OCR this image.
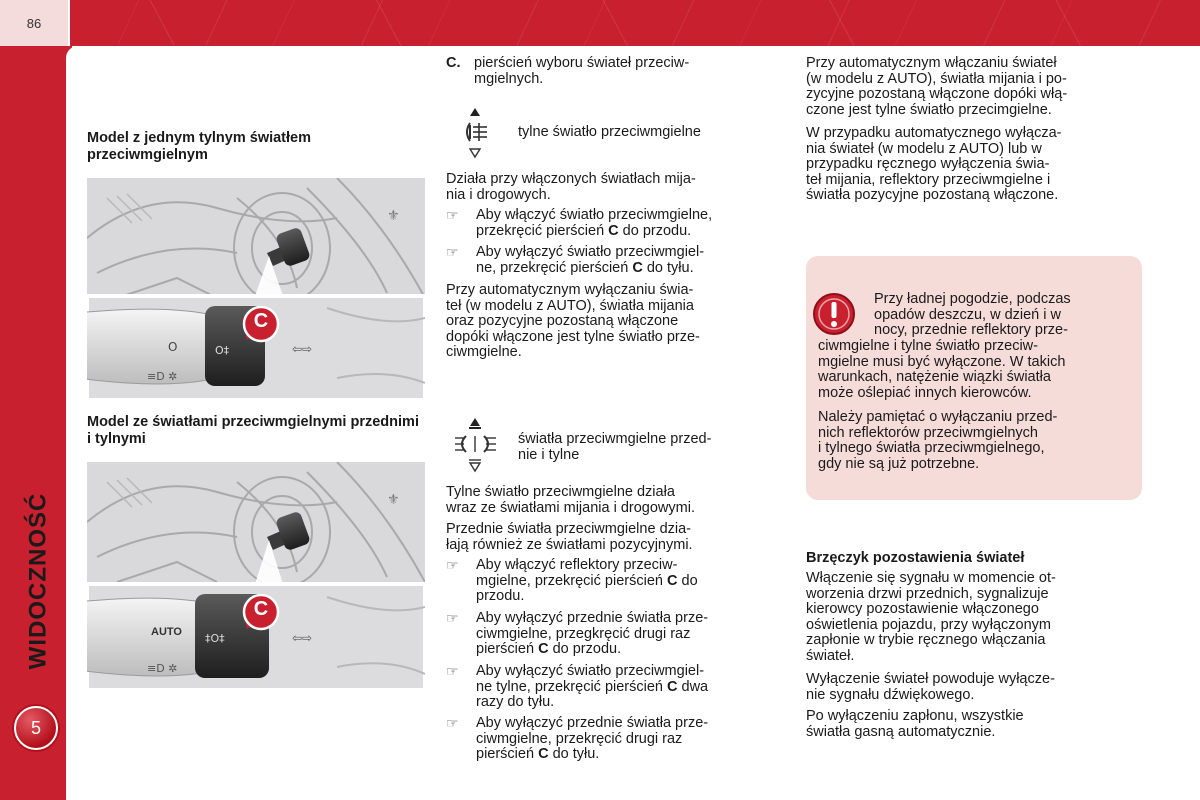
86
WIDOCZNOŚĆ
5
Model z jednym tylnym światłem przeciwmgielnym
⚜
O
≡D ✲
O‡	⇦⇨
C
Model ze światłami przeciwmgielnymi przednimi i tylnymi
⚜
≡D ✲
‡O‡	⇦⇨
AUTO
C
C. pierścień wyboru świateł przeciw-
mgielnych.
tylne światło przeciwmgielne
Działa przy włączonych światłach mija-
nia i drogowych.
☞ Aby włączyć światło przeciwmgielne,
przekręcić pierścień C do przodu.
☞ Aby wyłączyć światło przeciwmgiel-
ne, przekręcić pierścień C do tyłu.
Przy automatycznym wyłączaniu świa-
teł (w modelu z AUTO), światła mijania
oraz pozycyjne pozostaną włączone
dopóki włączone jest tylne światło prze-
ciwmgielne.
światła przeciwmgielne przed-
nie i tylne
Tylne światło przeciwmgielne działa
wraz ze światłami mijania i drogowymi.
Przednie światła przeciwmgielne dzia-
łają również ze światłami pozycyjnymi.
☞ Aby włączyć reflektory przeciw-
mgielne, przekręcić pierścień C do
przodu.
☞ Aby wyłączyć przednie światła prze-
ciwmgielne, przegkręcić drugi raz
pierścień C do przodu.
☞ Aby wyłączyć światło przeciwmgiel-
ne tylne, przekręcić pierścień C dwa
razy do tyłu.
☞ Aby wyłączyć przednie światła prze-
ciwmgielne, przekręcić drugi raz
pierścień C do tyłu.
Przy automatycznym włączaniu świateł
(w modelu z AUTO), światła mijania i po-
zycyjne pozostaną włączone dopóki włą-
czone jest tylne światło przecimgielne.
W przypadku automatycznego wyłącza-
nia świateł (w modelu z AUTO) lub w
przypadku ręcznego wyłączenia świa-
teł mijania, reflektory przeciwmgielne i
światła pozycyjne pozostaną włączone.
Przy ładnej pogodzie, podczas
opadów deszczu, w dzień i w
nocy, przednie reflektory prze-
ciwmgielne i tylne światło przeciw-
mgielne musi być wyłączone. W takich
warunkach, natężenie wiązki światła
może oślepiać innych kierowców.
Należy pamiętać o wyłączaniu przed-
nich reflektorów przeciwmgielnych
i tylnego światła przeciwmgielnego,
gdy nie są już potrzebne.
Brzęczyk pozostawienia świateł
Włączenie się sygnału w momencie ot-
worzenia drzwi przednich, sygnalizuje
kierowcy pozostawienie włączonego
oświetlenia pojazdu, przy wyłączonym
zapłonie w trybie ręcznego włączania
świateł.
Wyłączenie świateł powoduje wyłącze-
nie sygnału dźwiękowego.
Po wyłączeniu zapłonu, wszystkie
światła gasną automatycznie.
